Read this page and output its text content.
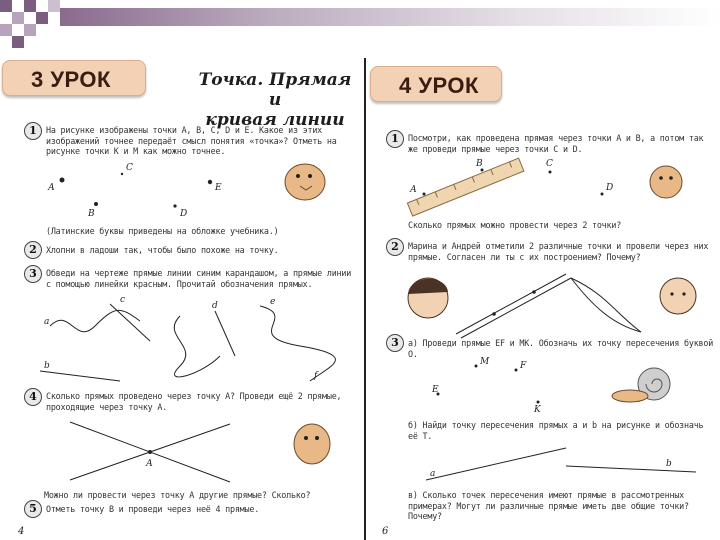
3 УРОК	Точка. Прямая и
кривая линии
1	На рисунке изображены точки А, В, С, D и Е. Какое из этих изображений точнее передаёт смысл понятия «точка»? Отметь на рисунке точки K и M как можно точнее.
А
В
С
D
Е
(Латинские буквы приведены на обложке учебника.)
2	Хлопни в ладоши так, чтобы было похоже на точку.
3	Обведи на чертеже прямые линии синим карандашом, а прямые линии с помощью линейки красным. Прочитай обозначения прямых.
a
c
d	e
f
b
4	Сколько прямых проведено через точку А? Проведи ещё 2 прямые, проходящие через точку А.
А
Можно ли провести через точку А другие прямые? Сколько?
5	Отметь точку В и проведи через неё 4 прямые.
4
4 УРОК
1	Посмотри, как проведена прямая через точки А и В, а потом так же проведи прямые через точки С и D.
А
В	С
D
Сколько прямых можно провести через 2 точки?
2	Марина и Андрей отметили 2 различные точки и провели через них прямые. Согласен ли ты с их построением? Почему?
3	а) Проведи прямые EF и MK. Обозначь их точку пересечения буквой O.
M	F
E
K
б) Найди точку пересечения прямых а и b на рисунке и обозначь её T.
a
b
в) Сколько точек пересечения имеют прямые в рассмотренных примерах? Могут ли различные прямые иметь две общие точки? Почему?
6
